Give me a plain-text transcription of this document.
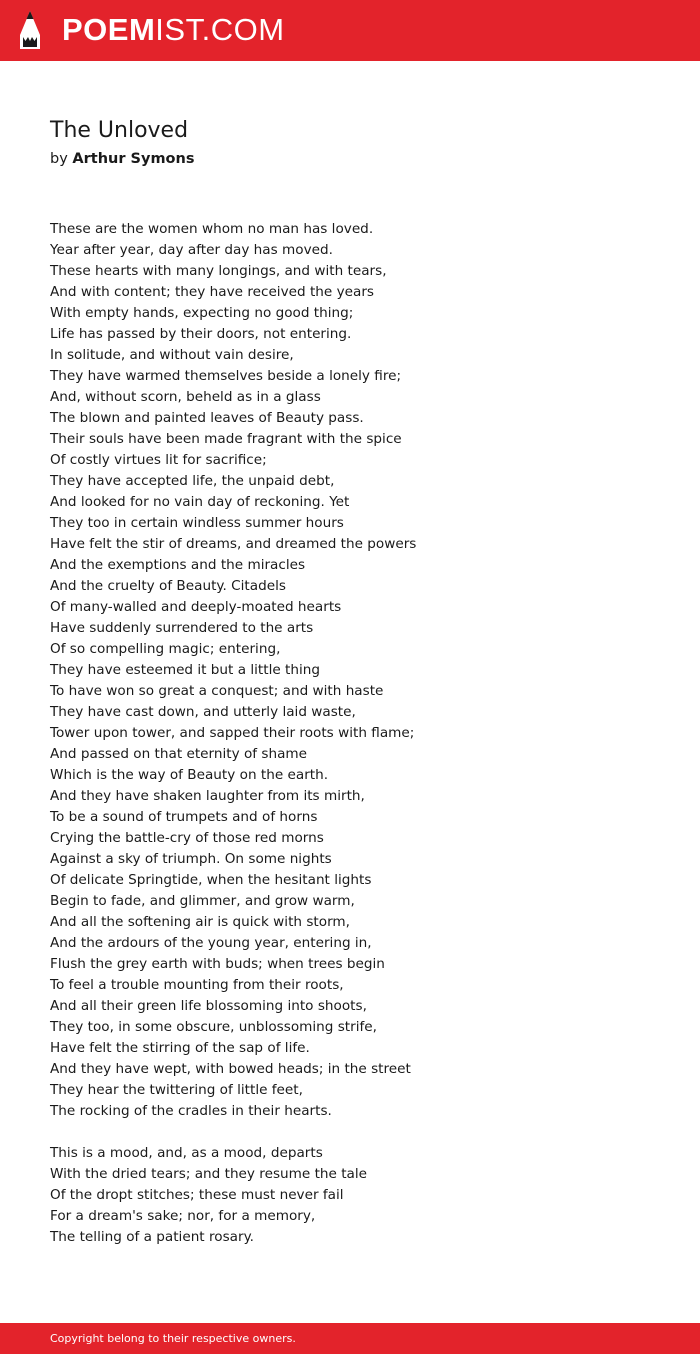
POEMIST.COM
The Unloved
by Arthur Symons
These are the women whom no man has loved.
Year after year, day after day has moved.
These hearts with many longings, and with tears,
And with content; they have received the years
With empty hands, expecting no good thing;
Life has passed by their doors, not entering.
In solitude, and without vain desire,
They have warmed themselves beside a lonely fire;
And, without scorn, beheld as in a glass
The blown and painted leaves of Beauty pass.
Their souls have been made fragrant with the spice
Of costly virtues lit for sacrifice;
They have accepted life, the unpaid debt,
And looked for no vain day of reckoning. Yet
They too in certain windless summer hours
Have felt the stir of dreams, and dreamed the powers
And the exemptions and the miracles
And the cruelty of Beauty. Citadels
Of many-walled and deeply-moated hearts
Have suddenly surrendered to the arts
Of so compelling magic; entering,
They have esteemed it but a little thing
To have won so great a conquest; and with haste
They have cast down, and utterly laid waste,
Tower upon tower, and sapped their roots with flame;
And passed on that eternity of shame
Which is the way of Beauty on the earth.
And they have shaken laughter from its mirth,
To be a sound of trumpets and of horns
Crying the battle-cry of those red morns
Against a sky of triumph. On some nights
Of delicate Springtide, when the hesitant lights
Begin to fade, and glimmer, and grow warm,
And all the softening air is quick with storm,
And the ardours of the young year, entering in,
Flush the grey earth with buds; when trees begin
To feel a trouble mounting from their roots,
And all their green life blossoming into shoots,
They too, in some obscure, unblossoming strife,
Have felt the stirring of the sap of life.
And they have wept, with bowed heads; in the street
They hear the twittering of little feet,
The rocking of the cradles in their hearts.
This is a mood, and, as a mood, departs
With the dried tears; and they resume the tale
Of the dropt stitches; these must never fail
For a dream's sake; nor, for a memory,
The telling of a patient rosary.
Copyright belong to their respective owners.
